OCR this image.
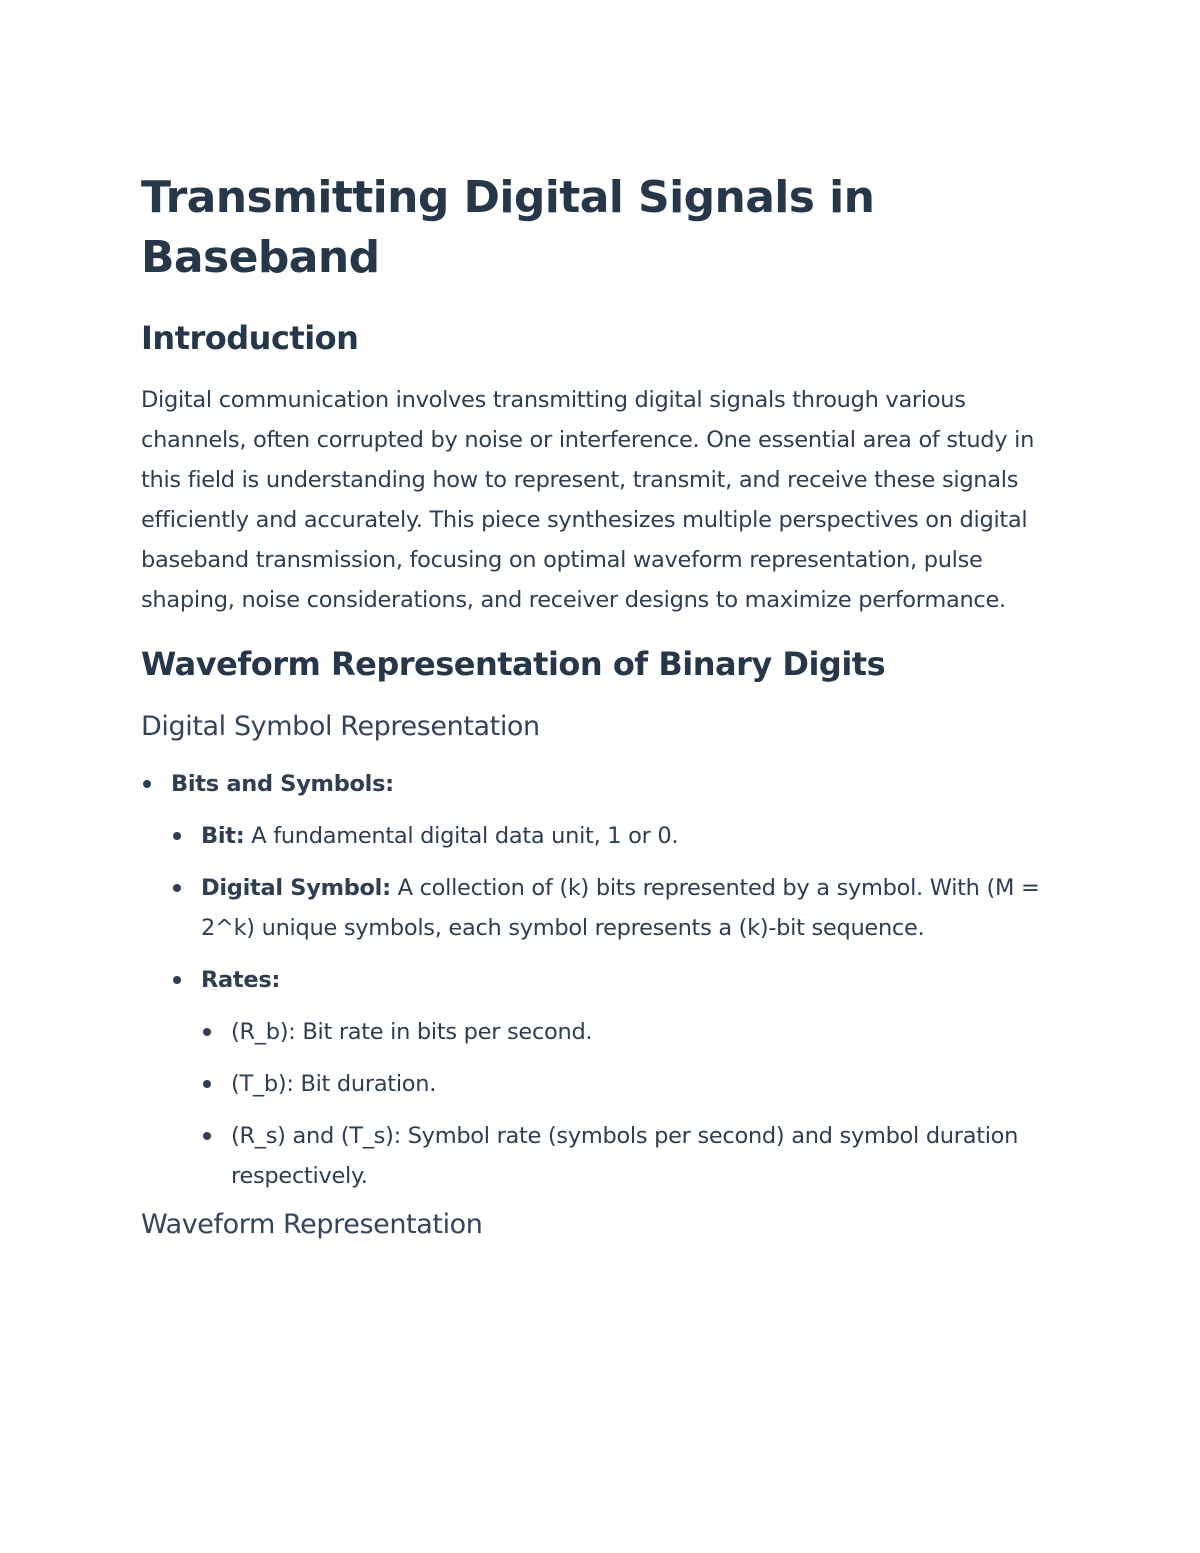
Transmitting Digital Signals in Baseband
Introduction

Digital communication involves transmitting digital signals through various channels, often corrupted by noise or interference. One essential area of study in this field is understanding how to represent, transmit, and receive these signals efficiently and accurately. This piece synthesizes multiple perspectives on digital baseband transmission, focusing on optimal waveform representation, pulse shaping, noise considerations, and receiver designs to maximize performance.

Waveform Representation of Binary Digits
Digital Symbol Representation
Bits and Symbols:
Bit: A fundamental digital data unit, 1 or 0.
Digital Symbol: A collection of (k) bits represented by a symbol. With (M = 2^k) unique symbols, each symbol represents a (k)-bit sequence.
Rates:
(R_b): Bit rate in bits per second.
(T_b): Bit duration.
(R_s) and (T_s): Symbol rate (symbols per second) and symbol duration respectively.
Waveform Representation
